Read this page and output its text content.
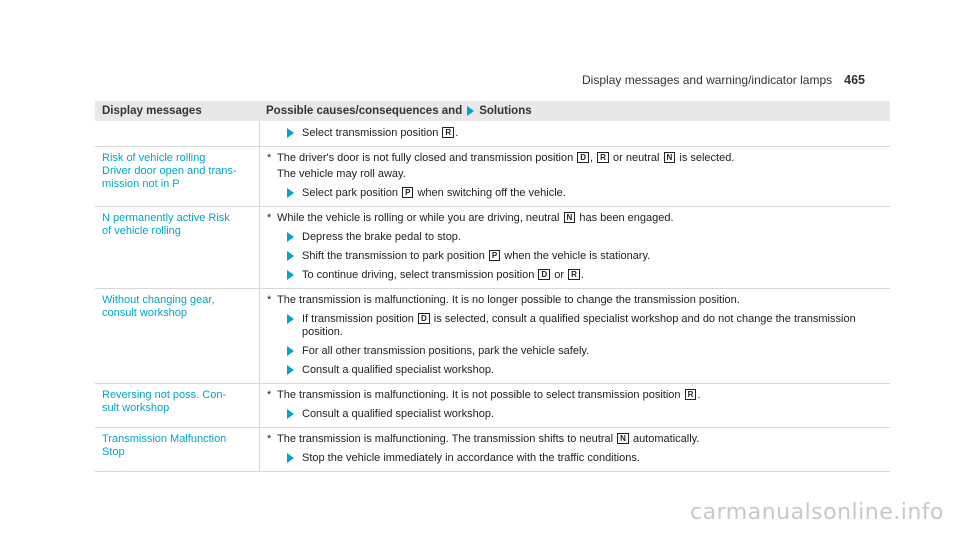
Display messages and warning/indicator lamps 465
Display messages	Possible causes/consequences and Solutions
Select transmission position R .
Risk of vehicle rolling
Driver door open and trans-
mission not in P
* The driver's door is not fully closed and transmission position D , R or neutral N is selected.
The vehicle may roll away.
Select park position P when switching off the vehicle.
N permanently active Risk
of vehicle rolling
* While the vehicle is rolling or while you are driving, neutral N has been engaged.
Depress the brake pedal to stop.
Shift the transmission to park position P when the vehicle is stationary.
To continue driving, select transmission position D or R .
Without changing gear,
consult workshop
* The transmission is malfunctioning. It is no longer possible to change the transmission position.
If transmission position D is selected, consult a qualified specialist workshop and do not change the transmission position.
For all other transmission positions, park the vehicle safely.
Consult a qualified specialist workshop.
Reversing not poss. Con-
sult workshop
* The transmission is malfunctioning. It is not possible to select transmission position R .
Consult a qualified specialist workshop.
Transmission Malfunction
Stop
* The transmission is malfunctioning. The transmission shifts to neutral N automatically.
Stop the vehicle immediately in accordance with the traffic conditions.
carmanualsonline.info
